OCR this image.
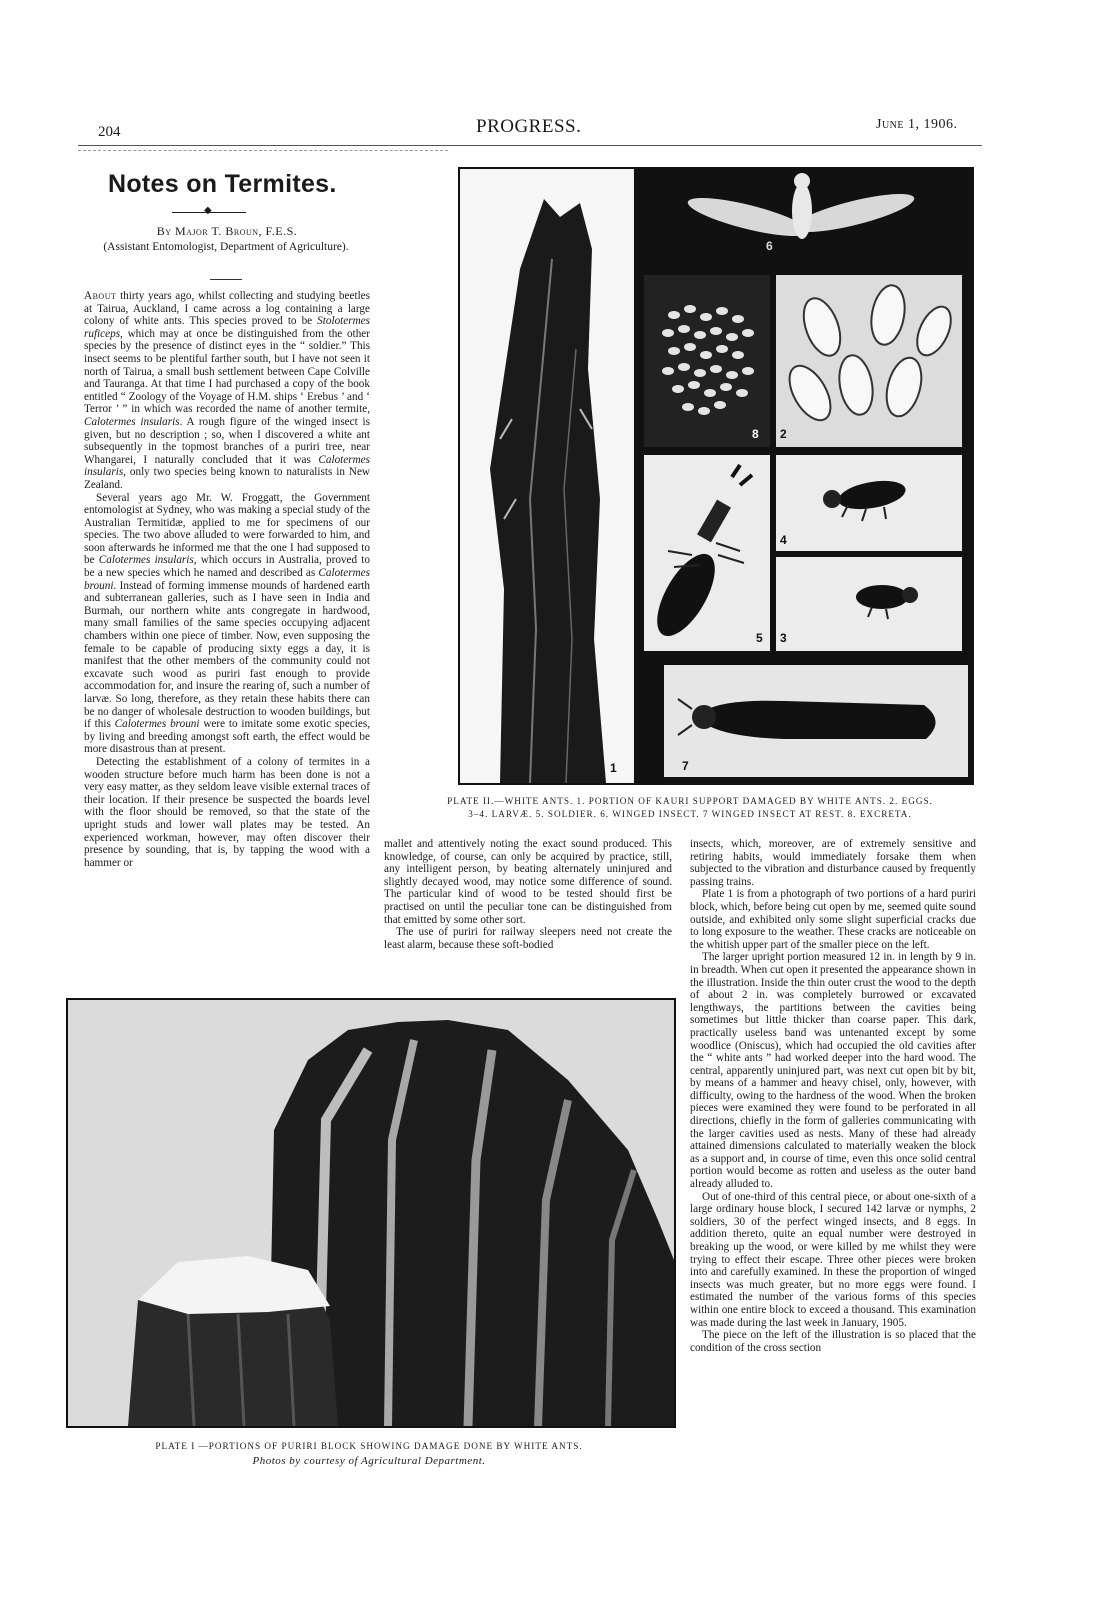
204	PROGRESS.	June 1, 1906.
Notes on Termites.
◆
By Major T. Broun, F.E.S.
(Assistant Entomologist, Department of Agriculture).

About thirty years ago, whilst collecting and studying beetles at Tairua, Auckland, I came across a log containing a large colony of white ants. This species proved to be Stolotermes ruficeps, which may at once be distinguished from the other species by the presence of distinct eyes in the “ soldier.” This insect seems to be plentiful farther south, but I have not seen it north of Tairua, a small bush settlement between Cape Colville and Tauranga. At that time I had purchased a copy of the book entitled “ Zoology of the Voyage of H.M. ships ‘ Erebus ’ and ‘ Terror ’ ” in which was recorded the name of another termite, Calotermes insularis. A rough figure of the winged insect is given, but no description ; so, when I discovered a white ant subsequently in the topmost branches of a puriri tree, near Whangarei, I naturally concluded that it was Calotermes insularis, only two species being known to naturalists in New Zealand.

Several years ago Mr. W. Froggatt, the Government entomologist at Sydney, who was making a special study of the Australian Termitidæ, applied to me for specimens of our species. The two above alluded to were forwarded to him, and soon afterwards he informed me that the one I had supposed to be Calotermes insularis, which occurs in Australia, proved to be a new species which he named and described as Calotermes brouni. Instead of forming immense mounds of hardened earth and subterranean galleries, such as I have seen in India and Burmah, our northern white ants congregate in hardwood, many small families of the same species occupying adjacent chambers within one piece of timber. Now, even supposing the female to be capable of producing sixty eggs a day, it is manifest that the other members of the community could not excavate such wood as puriri fast enough to provide accommodation for, and insure the rearing of, such a number of larvæ. So long, therefore, as they retain these habits there can be no danger of wholesale destruction to wooden buildings, but if this Calotermes brouni were to imitate some exotic species, by living and breeding amongst soft earth, the effect would be more disastrous than at present.

Detecting the establishment of a colony of termites in a wooden structure before much harm has been done is not a very easy matter, as they seldom leave visible external traces of their location. If their presence be suspected the boards level with the floor should be removed, so that the state of the upright studs and lower wall plates may be tested. An experienced workman, however, may often discover their presence by sounding, that is, by tapping the wood with a hammer or

1
6
8 2
5
4
3
7
PLATE II.—WHITE ANTS. 1. PORTION OF KAURI SUPPORT DAMAGED BY WHITE ANTS. 2. EGGS.
3–4. LARVÆ. 5. SOLDIER. 6. WINGED INSECT. 7 WINGED INSECT AT REST. 8. EXCRETA.

mallet and attentively noting the exact sound produced. This knowledge, of course, can only be acquired by practice, still, any intelligent person, by beating alternately uninjured and slightly decayed wood, may notice some difference of sound. The particular kind of wood to be tested should first be practised on until the peculiar tone can be distinguished from that emitted by some other sort.

The use of puriri for railway sleepers need not create the least alarm, because these soft-bodied

insects, which, moreover, are of extremely sensitive and retiring habits, would immediately forsake them when subjected to the vibration and disturbance caused by frequently passing trains.

Plate 1 is from a photograph of two portions of a hard puriri block, which, before being cut open by me, seemed quite sound outside, and exhibited only some slight superficial cracks due to long exposure to the weather. These cracks are noticeable on the whitish upper part of the smaller piece on the left.

The larger upright portion measured 12 in. in length by 9 in. in breadth. When cut open it presented the appearance shown in the illustration. Inside the thin outer crust the wood to the depth of about 2 in. was completely burrowed or excavated lengthways, the partitions between the cavities being sometimes but little thicker than coarse paper. This dark, practically useless band was untenanted except by some woodlice (Oniscus), which had occupied the old cavities after the “ white ants ” had worked deeper into the hard wood. The central, apparently uninjured part, was next cut open bit by bit, by means of a hammer and heavy chisel, only, however, with difficulty, owing to the hardness of the wood. When the broken pieces were examined they were found to be perforated in all directions, chiefly in the form of galleries communicating with the larger cavities used as nests. Many of these had already attained dimensions calculated to materially weaken the block as a support and, in course of time, even this once solid central portion would become as rotten and useless as the outer band already alluded to.

Out of one-third of this central piece, or about one-sixth of a large ordinary house block, I secured 142 larvæ or nymphs, 2 soldiers, 30 of the perfect winged insects, and 8 eggs. In addition thereto, quite an equal number were destroyed in breaking up the wood, or were killed by me whilst they were trying to effect their escape. Three other pieces were broken into and carefully examined. In these the proportion of winged insects was much greater, but no more eggs were found. I estimated the number of the various forms of this species within one entire block to exceed a thousand. This examination was made during the last week in January, 1905.

The piece on the left of the illustration is so placed that the condition of the cross section

PLATE I —PORTIONS OF PURIRI BLOCK SHOWING DAMAGE DONE BY WHITE ANTS.
Photos by courtesy of Agricultural Department.
